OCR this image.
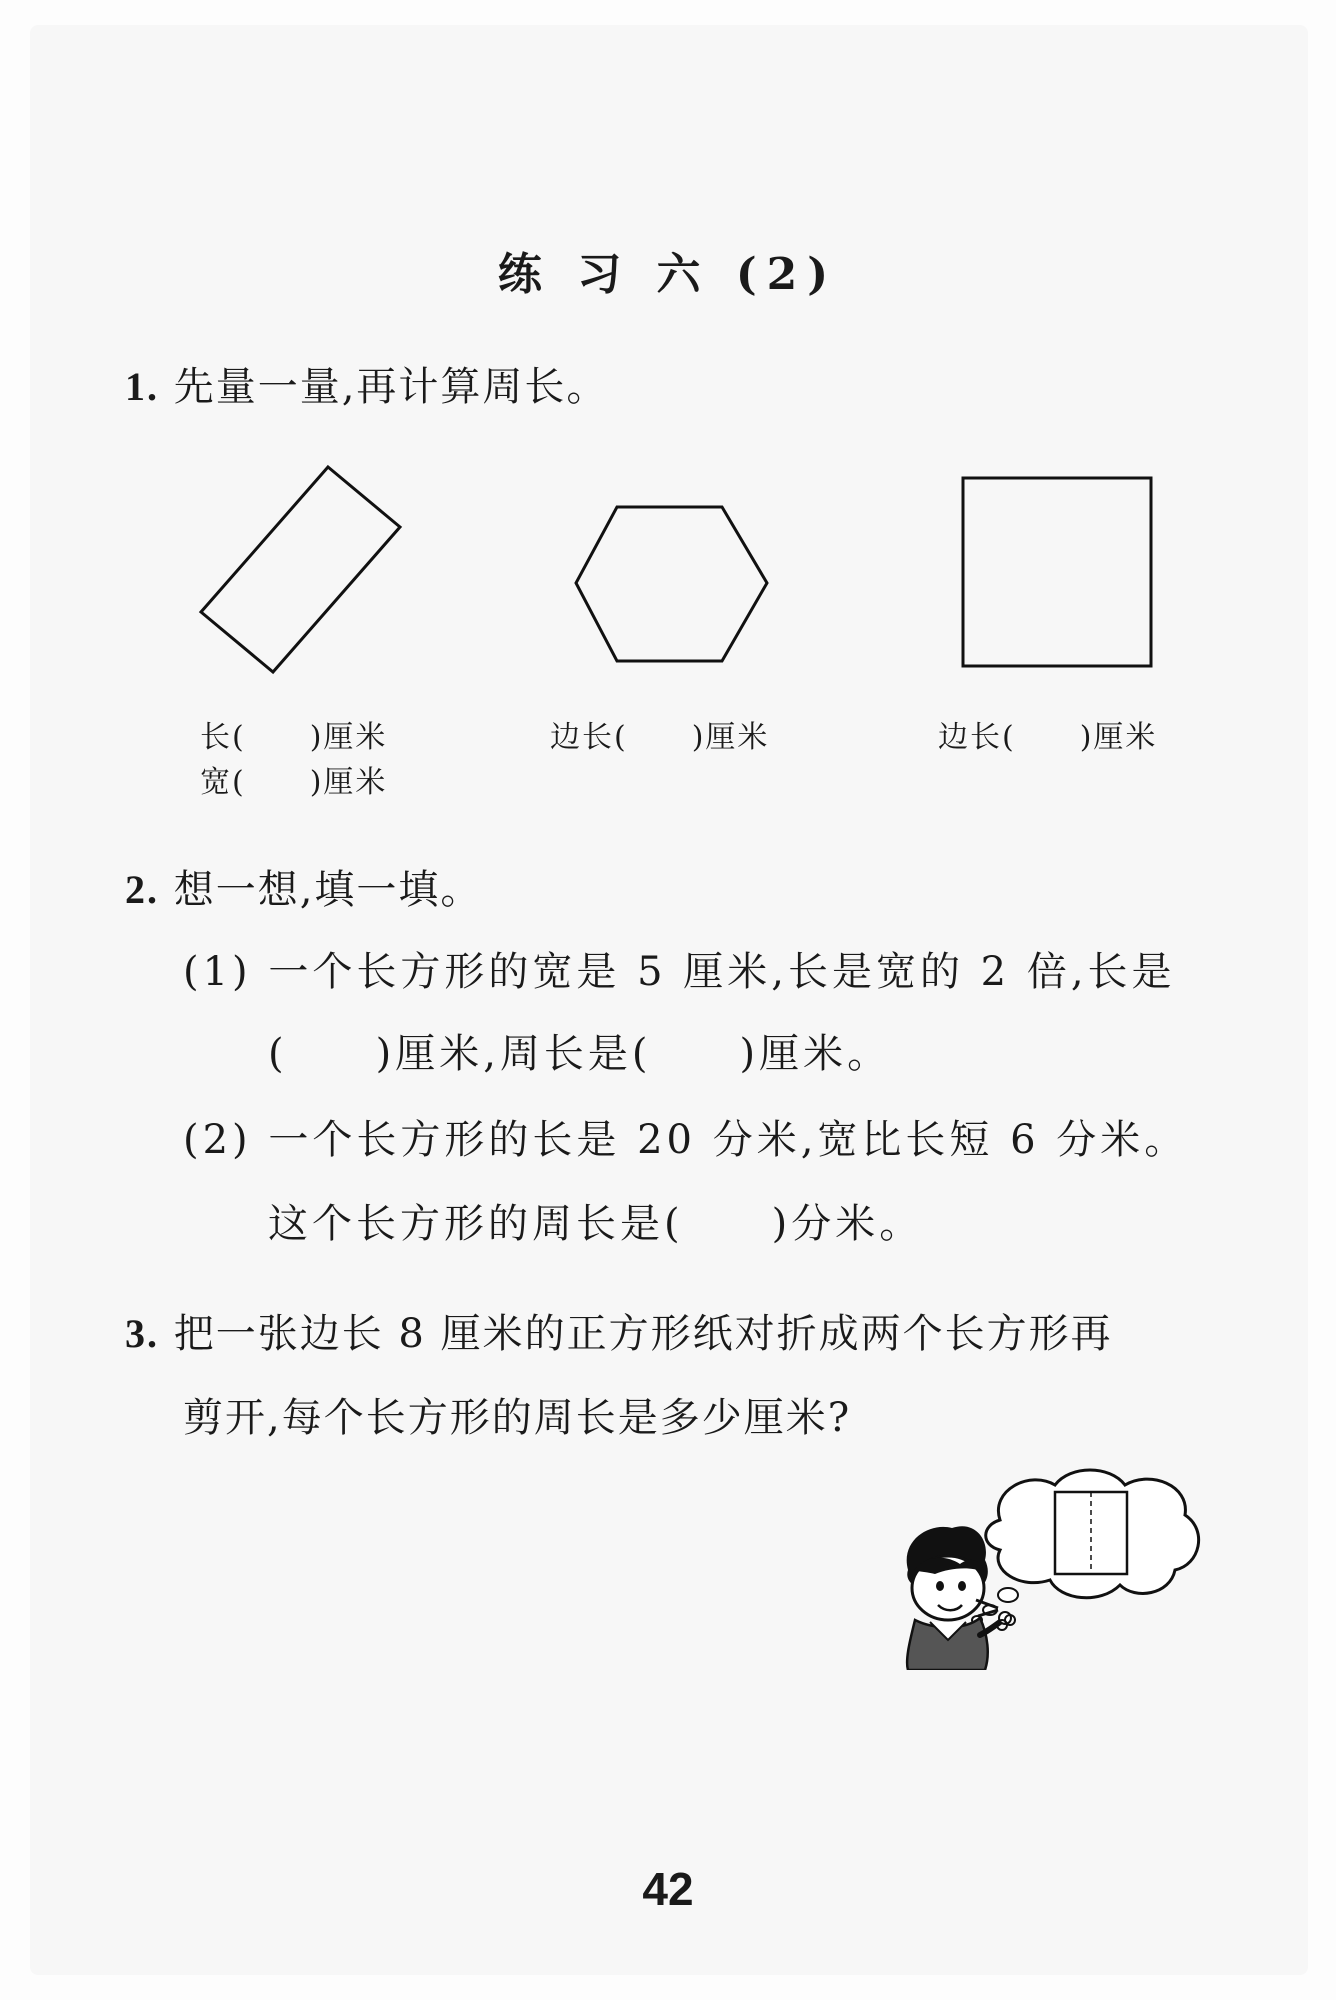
练 习 六 (2)
1. 先量一量,再计算周长。
长(　　)厘米
宽(　　)厘米
边长(　　)厘米	边长(　　)厘米
2. 想一想,填一填。
(1) 一个长方形的宽是 5 厘米,长是宽的 2 倍,长是
(　　)厘米,周长是(　　)厘米。
(2) 一个长方形的长是 20 分米,宽比长短 6 分米。
这个长方形的周长是(　　)分米。
3. 把一张边长 8 厘米的正方形纸对折成两个长方形再
剪开,每个长方形的周长是多少厘米?
42
